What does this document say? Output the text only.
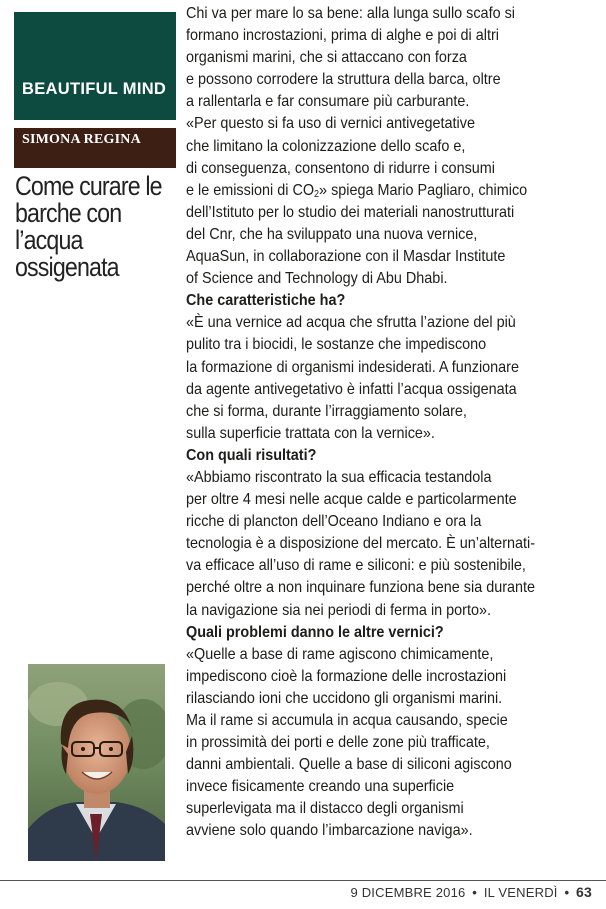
BEAUTIFUL MIND
SIMONA REGINA
Come curare le barche con l’acqua ossigenata
Chi va per mare lo sa bene: alla lunga sullo scafo si
formano incrostazioni, prima di alghe e poi di altri
organismi marini, che si attaccano con forza
e possono corrodere la struttura della barca, oltre
a rallentarla e far consumare più carburante.
«Per questo si fa uso di vernici antivegetative
che limitano la colonizzazione dello scafo e,
di conseguenza, consentono di ridurre i consumi
e le emissioni di $CO_2$» spiega Mario Pagliaro, chimico
dell’Istituto per lo studio dei materiali nanostrutturati
del Cnr, che ha sviluppato una nuova vernice,
AquaSun, in collaborazione con il Masdar Institute
of Science and Technology di Abu Dhabi.
Che caratteristiche ha?
«È una vernice ad acqua che sfrutta l’azione del più
pulito tra i biocidi, le sostanze che impediscono
la formazione di organismi indesiderati. A funzionare
da agente antivegetativo è infatti l’acqua ossigenata
che si forma, durante l’irraggiamento solare,
sulla superficie trattata con la vernice».
Con quali risultati?
«Abbiamo riscontrato la sua efficacia testandola
per oltre 4 mesi nelle acque calde e particolarmente
ricche di plancton dell’Oceano Indiano e ora la
tecnologia è a disposizione del mercato. È un’alternati-
va efficace all’uso di rame e siliconi: e più sostenibile,
perché oltre a non inquinare funziona bene sia durante
la navigazione sia nei periodi di ferma in porto».
Quali problemi danno le altre vernici?
«Quelle a base di rame agiscono chimicamente,
impediscono cioè la formazione delle incrostazioni
rilasciando ioni che uccidono gli organismi marini.
Ma il rame si accumula in acqua causando, specie
in prossimità dei porti e delle zone più trafficate,
danni ambientali. Quelle a base di siliconi agiscono
invece fisicamente creando una superficie
superlevigata ma il distacco degli organismi
avviene solo quando l’imbarcazione naviga».
9 DICEMBRE 2016 • IL VENERDÌ • 63
